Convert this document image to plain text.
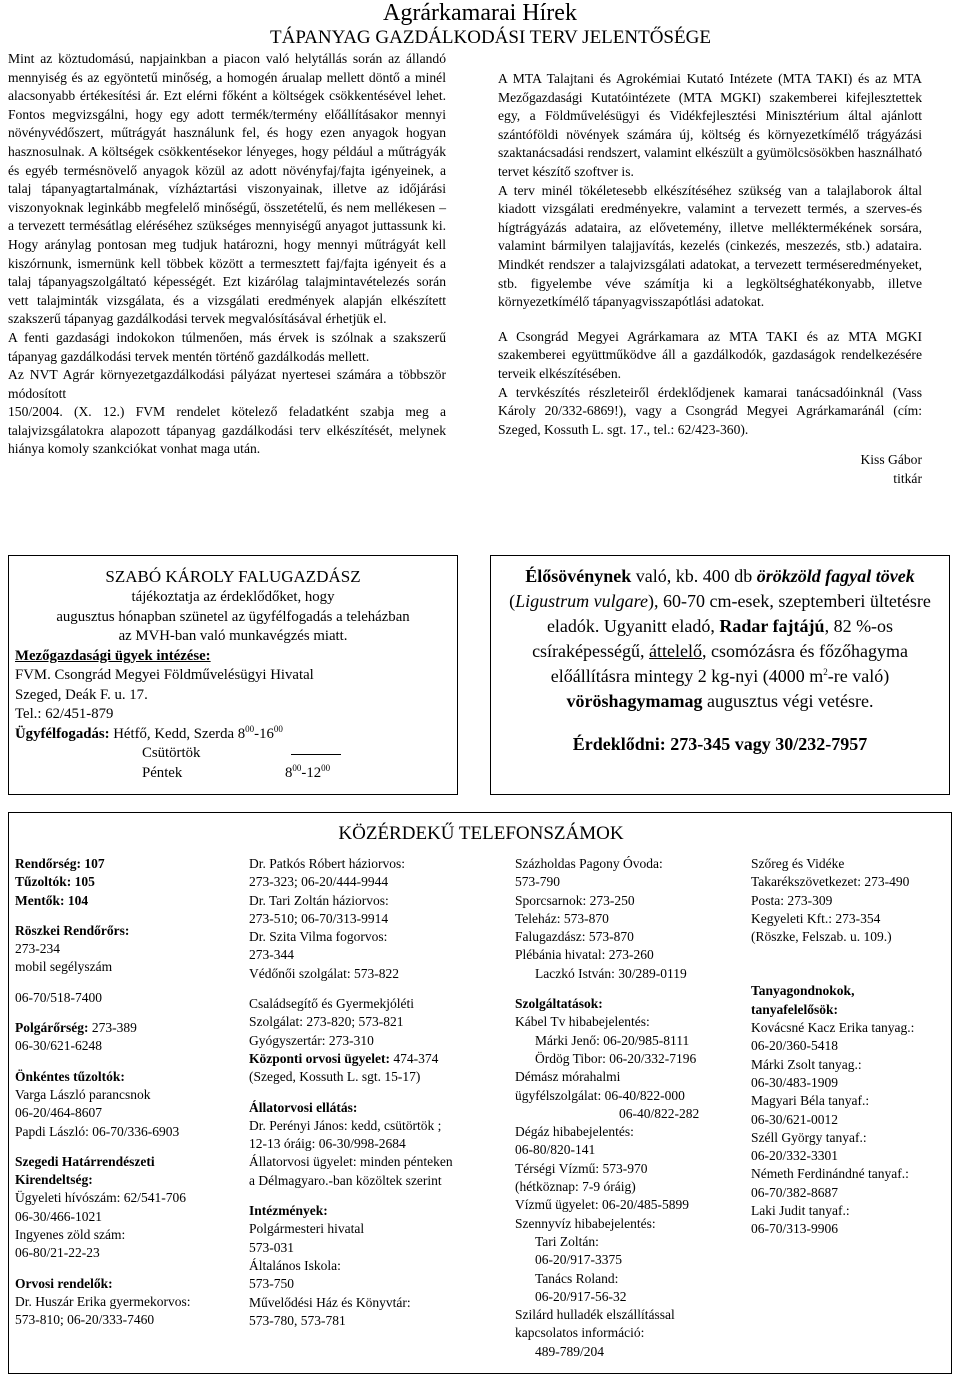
Agrárkamarai Hírek
TÁPANYAG GAZDÁLKODÁSI TERV JELENTŐSÉGE

Mint az köztudomású, napjainkban a piacon való helytállás során az állandó mennyiség és az egyöntetű minőség, a homogén árualap mellett döntő a minél alacsonyabb értékesítési ár. Ezt elérni főként a költségek csökkentésével lehet. Fontos megvizsgálni, hogy egy adott termék/termény előállításakor mennyi növényvédőszert, műtrágyát használunk fel, és hogy ezen anyagok hogyan hasznosulnak. A költségek csökkentésekor lényeges, hogy például a műtrágyák és egyéb termésnövelő anyagok közül az adott növényfaj/fajta igényeinek, a talaj tápanyagtartalmának, vízháztartási viszonyainak, illetve az időjárási viszonyoknak leginkább megfelelő minőségű, összetételű, és nem mellékesen – a tervezett termésátlag eléréséhez szükséges mennyiségű anyagot juttassunk ki. Hogy aránylag pontosan meg tudjuk határozni, hogy mennyi műtrágyát kell kiszórnunk, ismernünk kell többek között a termesztett faj/fajta igényeit és a talaj tápanyagszolgáltató képességét. Ezt kizárólag talajmintavételezés során vett talajminták vizsgálata, és a vizsgálati eredmények alapján elkészített szakszerű tápanyag gazdálkodási tervek megvalósításával érhetjük el.

A fenti gazdasági indokokon túlmenően, más érvek is szólnak a szakszerű tápanyag gazdálkodási tervek mentén történő gazdálkodás mellett.

Az NVT Agrár környezetgazdálkodási pályázat nyertesei számára a többször módosított

150/2004. (X. 12.) FVM rendelet kötelező feladatként szabja meg a talajvizsgálatokra alapozott tápanyag gazdálkodási terv elkészítését, melynek hiánya komoly szankciókat vonhat maga után.

A MTA Talajtani és Agrokémiai Kutató Intézete (MTA TAKI) és az MTA Mezőgazdasági Kutatóintézete (MTA MGKI) szakemberei kifejlesztettek egy, a Földművelésügyi és Vidékfejlesztési Minisztérium által ajánlott szántóföldi növények számára új, költség és környezetkímélő trágyázási szaktanácsadási rendszert, valamint elkészült a gyümölcsösökben használható tervet készítő szoftver is.

A terv minél tökéletesebb elkészítéséhez szükség van a talajlaborok által kiadott vizsgálati eredményekre, valamint a tervezett termés, a szerves-és hígtrágyázás adataira, az elővetemény, illetve melléktermékének sorsára, valamint bármilyen talajjavítás, kezelés (cinkezés, meszezés, stb.) adataira. Mindkét rendszer a talajvizsgálati adatokat, a tervezett terméseredményeket, stb. figyelembe véve számítja ki a legköltséghatékonyabb, illetve környezetkímélő tápanyagvisszapótlási adatokat.

A Csongrád Megyei Agrárkamara az MTA TAKI és az MTA MGKI szakemberei együttműködve áll a gazdálkodók, gazdaságok rendelkezésére terveik elkészítésében.

A tervkészítés részleteiről érdeklődjenek kamarai tanácsadóinknál (Vass Károly 20/332-6869!), vagy a Csongrád Megyei Agrárkamaránál (cím: Szeged, Kossuth L. sgt. 17., tel.: 62/423-360).

Kiss Gábor

titkár

SZABÓ KÁROLY FALUGAZDÁSZ
tájékoztatja az érdeklődőket, hogy
augusztus hónapban szünetel az ügyfélfogadás a teleházban
az MVH-ban való munkavégzés miatt.
Mezőgazdasági ügyek intézése:
FVM. Csongrád Megyei Földművelésügyi Hivatal
Szeged, Deák F. u. 17.
Tel.: 62/451-879
Ügyfélfogadás: Hétfő, Kedd, Szerda $8^{00}-16^{00}$
Csütörtök
Péntek	$8^{00}-12^{00}$
Élősövénynek való, kb. 400 db örökzöld fagyal tövek (Ligustrum vulgare), 60-70 cm-esek, szeptemberi ültetésre eladók. Ugyanitt eladó, Radar fajtájú, 82 %-os csíraképességű, áttelelő, csomózásra és főzőhagyma előállításra mintegy 2 kg-nyi (4000 $m^2-re$ való) vöröshagymamag augusztus végi vetésre.
Érdeklődni: 273-345 vagy 30/232-7957
KÖZÉRDEKŰ TELEFONSZÁMOK
Rendőrség: 107
Tűzoltók: 105
Mentők: 104
Röszkei Rendőrőrs:
273-234
mobil segélyszám
06-70/518-7400
Polgárőrség: 273-389
06-30/621-6248
Önkéntes tűzoltók:
Varga László parancsnok
06-20/464-8607
Papdi László: 06-70/336-6903
Szegedi Határrendészeti
Kirendeltség:
Ügyeleti hívószám: 62/541-706
06-30/466-1021
Ingyenes zöld szám:
06-80/21-22-23
Orvosi rendelők:
Dr. Huszár Erika gyermekorvos:
573-810; 06-20/333-7460
Dr. Patkós Róbert háziorvos:
273-323; 06-20/444-9944
Dr. Tari Zoltán háziorvos:
273-510; 06-70/313-9914
Dr. Szita Vilma fogorvos:
273-344
Védőnői szolgálat: 573-822
Családsegítő és Gyermekjóléti
Szolgálat: 273-820; 573-821
Gyógyszertár: 273-310
Központi orvosi ügyelet: 474-374
(Szeged, Kossuth L. sgt. 15-17)
Állatorvosi ellátás:
Dr. Perényi János: kedd, csütörtök ;
12-13 óráig: 06-30/998-2684
Állatorvosi ügyelet: minden pénteken
a Délmagyaro.-ban közöltek szerint
Intézmények:
Polgármesteri hivatal
573-031
Általános Iskola:
573-750
Művelődési Ház és Könyvtár:
573-780, 573-781
Százholdas Pagony Óvoda:
573-790
Sporcsarnok: 273-250
Teleház: 573-870
Falugazdász: 573-870
Plébánia hivatal: 273-260
Laczkó István: 30/289-0119
Szolgáltatások:
Kábel Tv hibabejelentés:
Márki Jenő: 06-20/985-8111
Ördög Tibor: 06-20/332-7196
Démász mórahalmi
ügyfélszolgálat: 06-40/822-000
06-40/822-282
Dégáz hibabejelentés:
06-80/820-141
Térségi Vízmű: 573-970
(hétköznap: 7-9 óráig)
Vízmű ügyelet: 06-20/485-5899
Szennyvíz hibabejelentés:
Tari Zoltán:
06-20/917-3375
Tanács Roland:
06-20/917-56-32
Szilárd hulladék elszállítással
kapcsolatos információ:
489-789/204
Szőreg és Vidéke
Takarékszövetkezet: 273-490
Posta: 273-309
Kegyeleti Kft.: 273-354
(Röszke, Felszab. u. 109.)
Tanyagondnokok,
tanyafelelősök:
Kovácsné Kacz Erika tanyag.:
06-20/360-5418
Márki Zsolt tanyag.:
06-30/483-1909
Magyari Béla tanyaf.:
06-30/621-0012
Széll György tanyaf.:
06-20/332-3301
Németh Ferdinándné tanyaf.:
06-70/382-8687
Laki Judit tanyaf.:
06-70/313-9906
